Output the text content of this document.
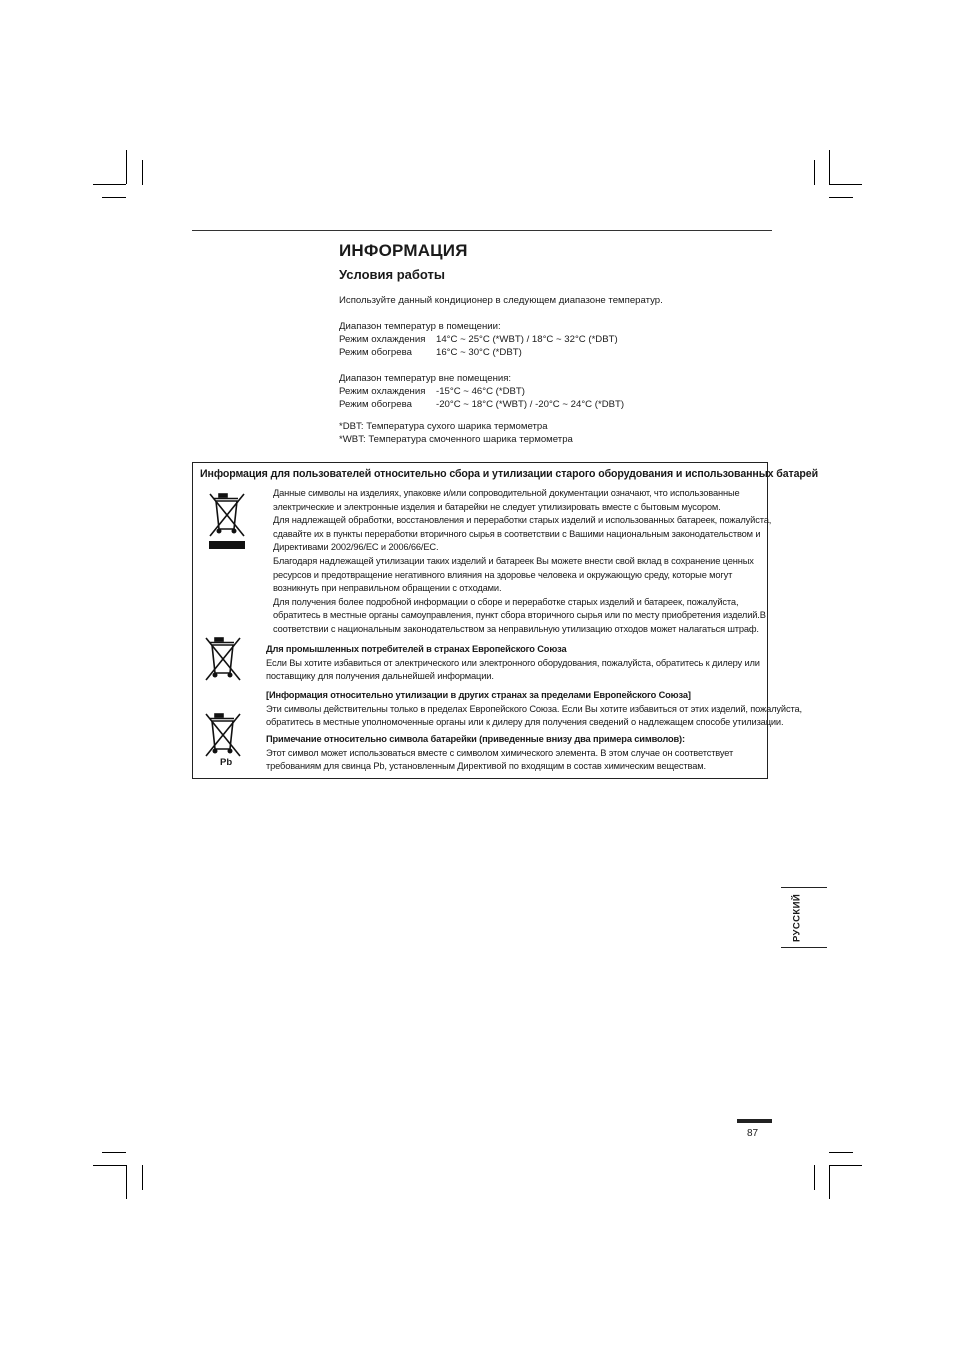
ИНФОРМАЦИЯ
Условия работы
Используйте данный кондиционер в следующем диапазоне температур.
Диапазон температур в помещении:
Режим охлаждения	14°C ~ 25°C (*WBT) / 18°C ~ 32°C (*DBT)
Режим обогрева	16°C ~ 30°C (*DBT)
Диапазон температур вне помещения:
Режим охлаждения	-15°C ~ 46°C (*DBT)
Режим обогрева	-20°C ~ 18°C (*WBT) / -20°C ~ 24°C (*DBT)
*DBT: Температура сухого шарика термометра
*WBT: Температура смоченного шарика термометра
Информация для пользователей относительно сбора и утилизации старого оборудования и использованных батарей
Данные символы на изделиях, упаковке и/или сопроводительной документации означают, что использованные
электрические и электронные изделия и батарейки не следует утилизировать вместе с бытовым мусором.
Для надлежащей обработки, восстановления и переработки старых изделий и использованных батареек, пожалуйста,
сдавайте их в пункты переработки вторичного сырья в соответствии с Вашими национальным законодательством и
Директивами 2002/96/EC и 2006/66/EC.
Благодаря надлежащей утилизации таких изделий и батареек Вы можете внести свой вклад в сохранение ценных
ресурсов и предотвращение негативного влияния на здоровье человека и окружающую среду, которые могут
возникнуть при неправильном обращении с отходами.
Для получения более подробной информации о сборе и переработке старых изделий и батареек, пожалуйста,
обратитесь в местные органы самоуправления, пункт сбора вторичного сырья или по месту приобретения изделий.В
соответствии с национальным законодательством за неправильную утилизацию отходов может налагаться штраф.
Для промышленных потребителей в странах Европейского Союза
Если Вы хотите избавиться от электрического или электронного оборудования, пожалуйста, обратитесь к дилеру или
поставщику для получения дальнейшей информации.
[Информация относительно утилизации в других странах за пределами Европейского Союза]
Эти символы действительны только в пределах Европейского Союза. Если Вы хотите избавиться от этих изделий, пожалуйста,
обратитесь в местные уполномоченные органы или к дилеру для получения сведений о надлежащем способе утилизации.
Pb
Примечание относительно символа батарейки (приведенные внизу два примера символов):
Этот символ может использоваться вместе с символом химического элемента. В этом случае он соответствует
требованиям для свинца Pb, установленным Директивой по входящим в состав химическим веществам.
РУССКИЙ
87
